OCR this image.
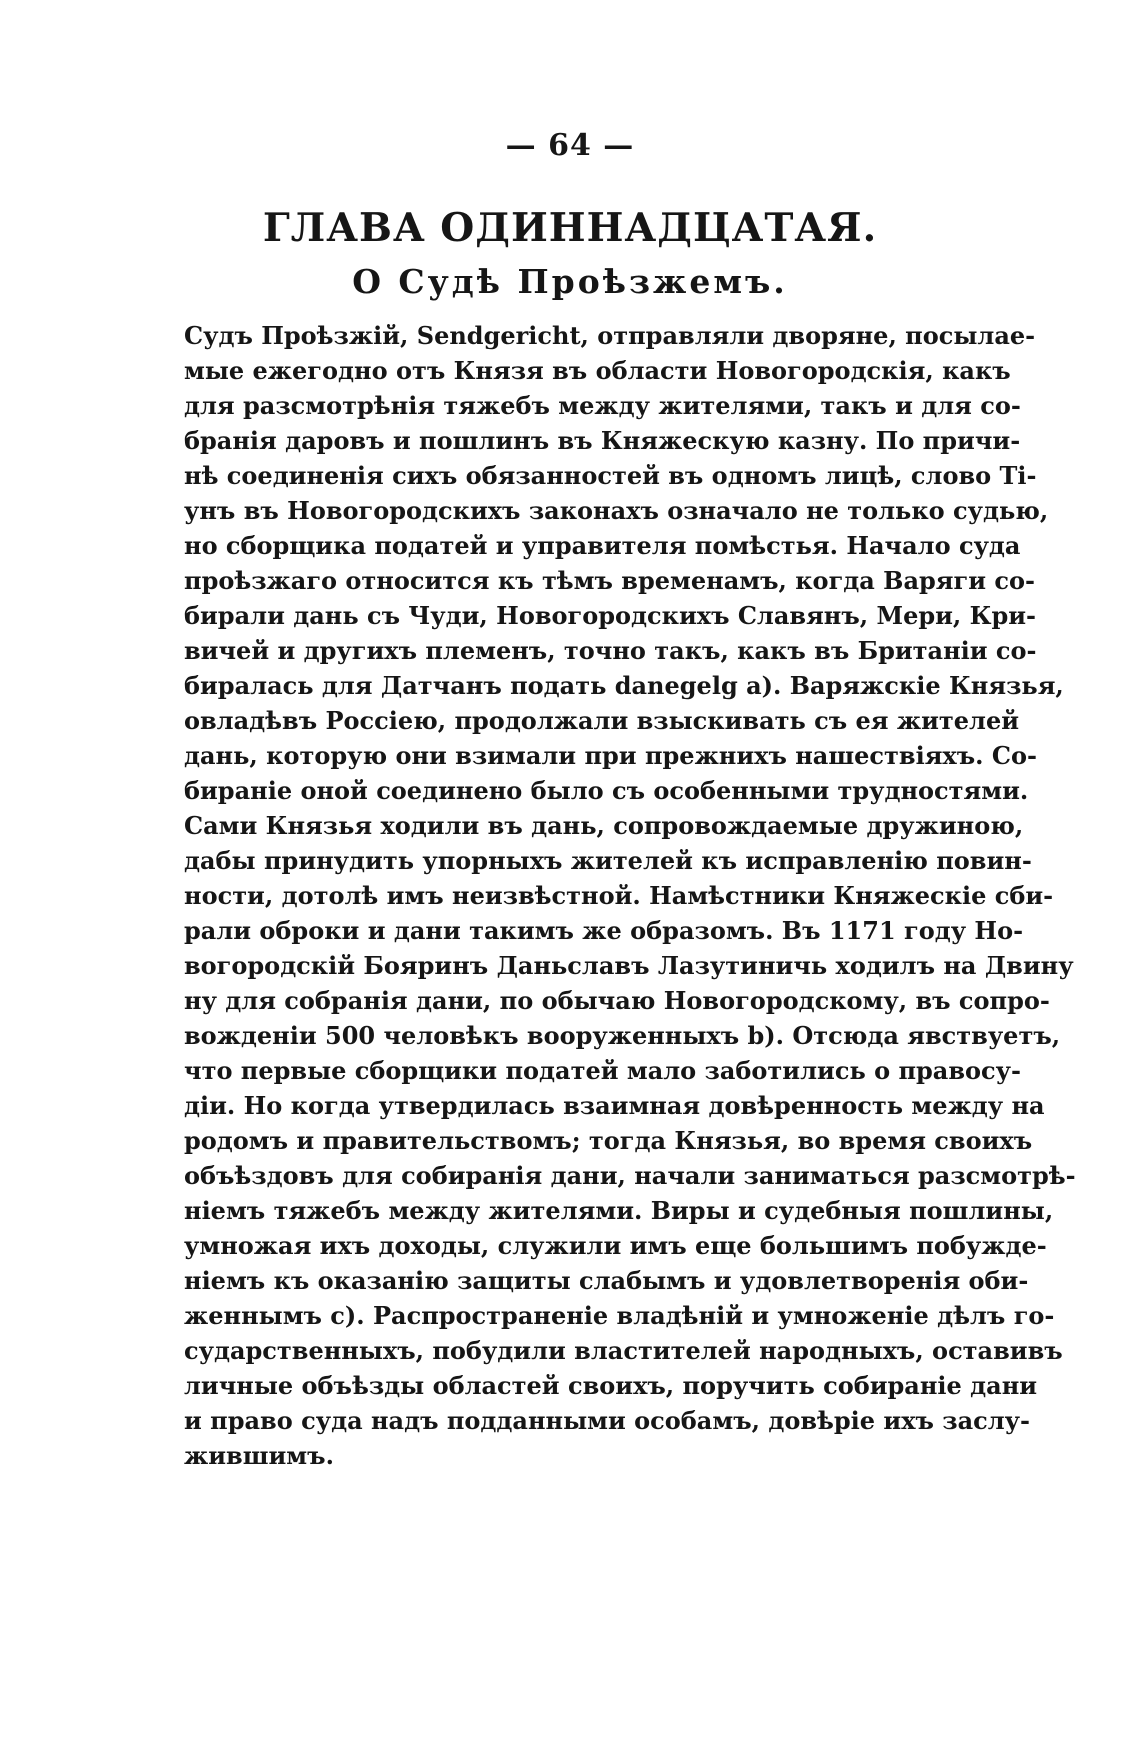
— 64 —
ГЛАВА ОДИННАДЦАТАЯ.
О Судѣ Проѣзжемъ.
Судъ Проѣзжій, Sendgericht, отправляли дворяне, посылае-
мые ежегодно отъ Князя въ области Новогородскія, какъ
для разсмотрѣнія тяжебъ между жителями, такъ и для со-
бранія даровъ и пошлинъ въ Княжескую казну. По причи-
нѣ соединенія сихъ обязанностей въ одномъ лицѣ, слово Ті-
унъ въ Новогородскихъ законахъ означало не только судью,
но сборщика податей и управителя помѣстья. Начало суда
проѣзжаго относится къ тѣмъ временамъ, когда Варяги со-
бирали дань съ Чуди, Новогородскихъ Славянъ, Мери, Кри-
вичей и другихъ племенъ, точно такъ, какъ въ Британіи со-
биралась для Датчанъ подать danegelg a). Варяжскіе Князья,
овладѣвъ Россіею, продолжали взыскивать съ ея жителей
дань, которую они взимали при прежнихъ нашествіяхъ. Со-
биранiе оной соединено было съ особенными трудностями.
Сами Князья ходили въ дань, сопровождаемые дружиною,
дабы принудить упорныхъ жителей къ исправленію повин-
ности, дотолѣ имъ неизвѣстной. Намѣстники Княжескіе сби-
рали оброки и дани такимъ же образомъ. Въ 1171 году Но-
вогородскій Бояринъ Даньславъ Лазутиничь ходилъ на Двину
ну для собранія дани, по обычаю Новогородскому, въ сопро-
вожденіи 500 человѣкъ вооруженныхъ b). Отсюда явствуетъ,
что первые сборщики податей мало заботились о правосу-
діи. Но когда утвердилась взаимная довѣренность между на
родомъ и правительствомъ; тогда Князья, во время своихъ
объѣздовъ для собиранія дани, начали заниматься разсмотрѣ-
ніемъ тяжебъ между жителями. Виры и судебныя пошлины,
умножая ихъ доходы, служили имъ еще большимъ побужде-
ніемъ къ оказанію защиты слабымъ и удовлетворенія оби-
женнымъ c). Распространеніе владѣній и умноженіе дѣлъ го-
сударственныхъ, побудили властителей народныхъ, оставивъ
личные объѣзды областей своихъ, поручить собираніе дани
и право суда надъ подданными особамъ, довѣріе ихъ заслу-
жившимъ.
